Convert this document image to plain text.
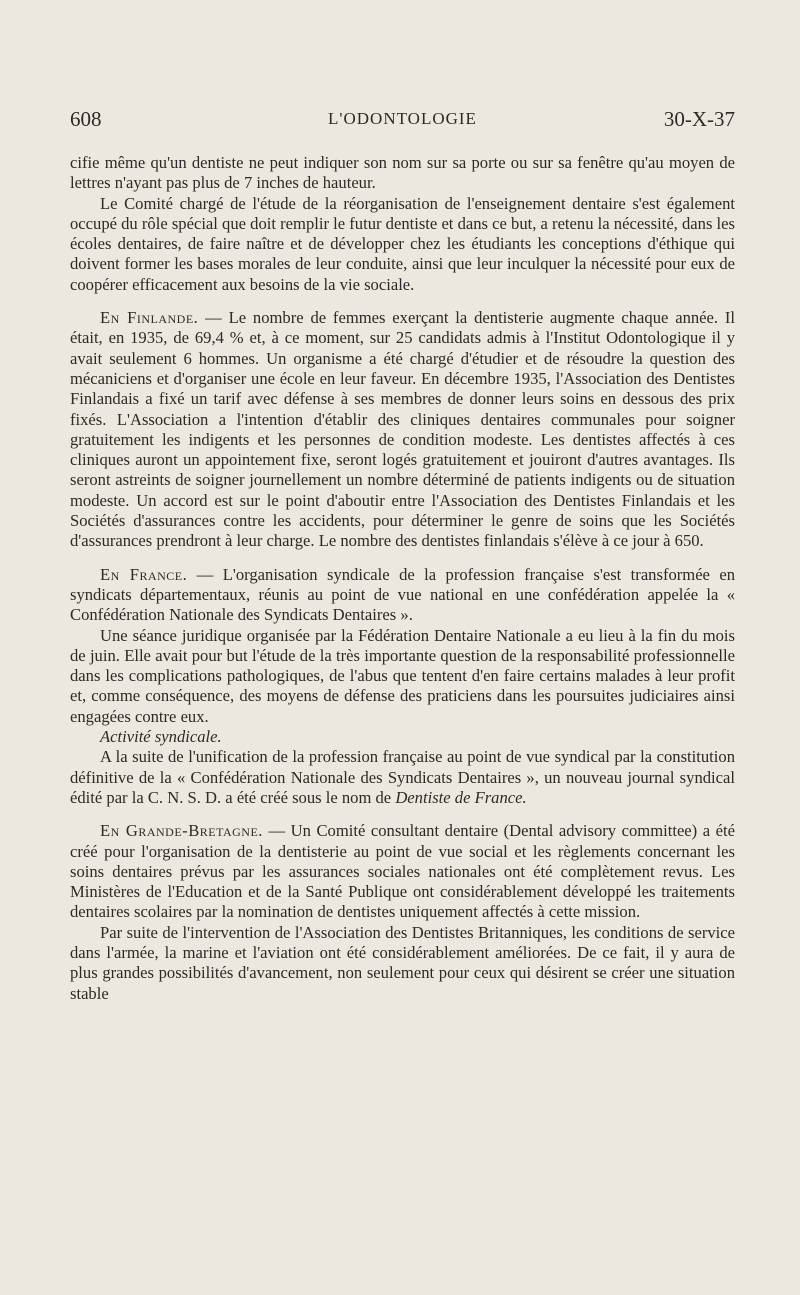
608	L'ODONTOLOGIE	30-X-37

cifie même qu'un dentiste ne peut indiquer son nom sur sa porte ou sur sa fenêtre qu'au moyen de lettres n'ayant pas plus de 7 inches de hauteur.

Le Comité chargé de l'étude de la réorganisation de l'enseignement dentaire s'est également occupé du rôle spécial que doit remplir le futur dentiste et dans ce but, a retenu la nécessité, dans les écoles dentaires, de faire naître et de développer chez les étudiants les conceptions d'éthique qui doivent former les bases morales de leur conduite, ainsi que leur inculquer la nécessité pour eux de coopérer efficacement aux besoins de la vie sociale.

En Finlande. — Le nombre de femmes exerçant la dentisterie augmente chaque année. Il était, en 1935, de 69,4 % et, à ce moment, sur 25 candidats admis à l'Institut Odontologique il y avait seulement 6 hommes. Un organisme a été chargé d'étudier et de résoudre la question des mécaniciens et d'organiser une école en leur faveur. En décembre 1935, l'Association des Dentistes Finlandais a fixé un tarif avec défense à ses membres de donner leurs soins en dessous des prix fixés. L'Association a l'intention d'établir des cliniques dentaires communales pour soigner gratuitement les indigents et les personnes de condition modeste. Les dentistes affectés à ces cliniques auront un appointement fixe, seront logés gratuitement et jouiront d'autres avantages. Ils seront astreints de soigner journellement un nombre déterminé de patients indigents ou de situation modeste. Un accord est sur le point d'aboutir entre l'Association des Dentistes Finlandais et les Sociétés d'assurances contre les accidents, pour déterminer le genre de soins que les Sociétés d'assurances prendront à leur charge. Le nombre des dentistes finlandais s'élève à ce jour à 650.

En France. — L'organisation syndicale de la profession française s'est transformée en syndicats départementaux, réunis au point de vue national en une confédération appelée la « Confédération Nationale des Syndicats Dentaires ».

Une séance juridique organisée par la Fédération Dentaire Nationale a eu lieu à la fin du mois de juin. Elle avait pour but l'étude de la très importante question de la responsabilité professionnelle dans les complications pathologiques, de l'abus que tentent d'en faire certains malades à leur profit et, comme conséquence, des moyens de défense des praticiens dans les poursuites judiciaires ainsi engagées contre eux.

Activité syndicale.

A la suite de l'unification de la profession française au point de vue syndical par la constitution définitive de la « Confédération Nationale des Syndicats Dentaires », un nouveau journal syndical édité par la C. N. S. D. a été créé sous le nom de Dentiste de France.

En Grande-Bretagne. — Un Comité consultant dentaire (Dental advisory committee) a été créé pour l'organisation de la dentisterie au point de vue social et les règlements concernant les soins dentaires prévus par les assurances sociales nationales ont été complètement revus. Les Ministères de l'Education et de la Santé Publique ont considérablement développé les traitements dentaires scolaires par la nomination de dentistes uniquement affectés à cette mission.

Par suite de l'intervention de l'Association des Dentistes Britanniques, les conditions de service dans l'armée, la marine et l'aviation ont été considérablement améliorées. De ce fait, il y aura de plus grandes possibilités d'avancement, non seulement pour ceux qui désirent se créer une situation stable
